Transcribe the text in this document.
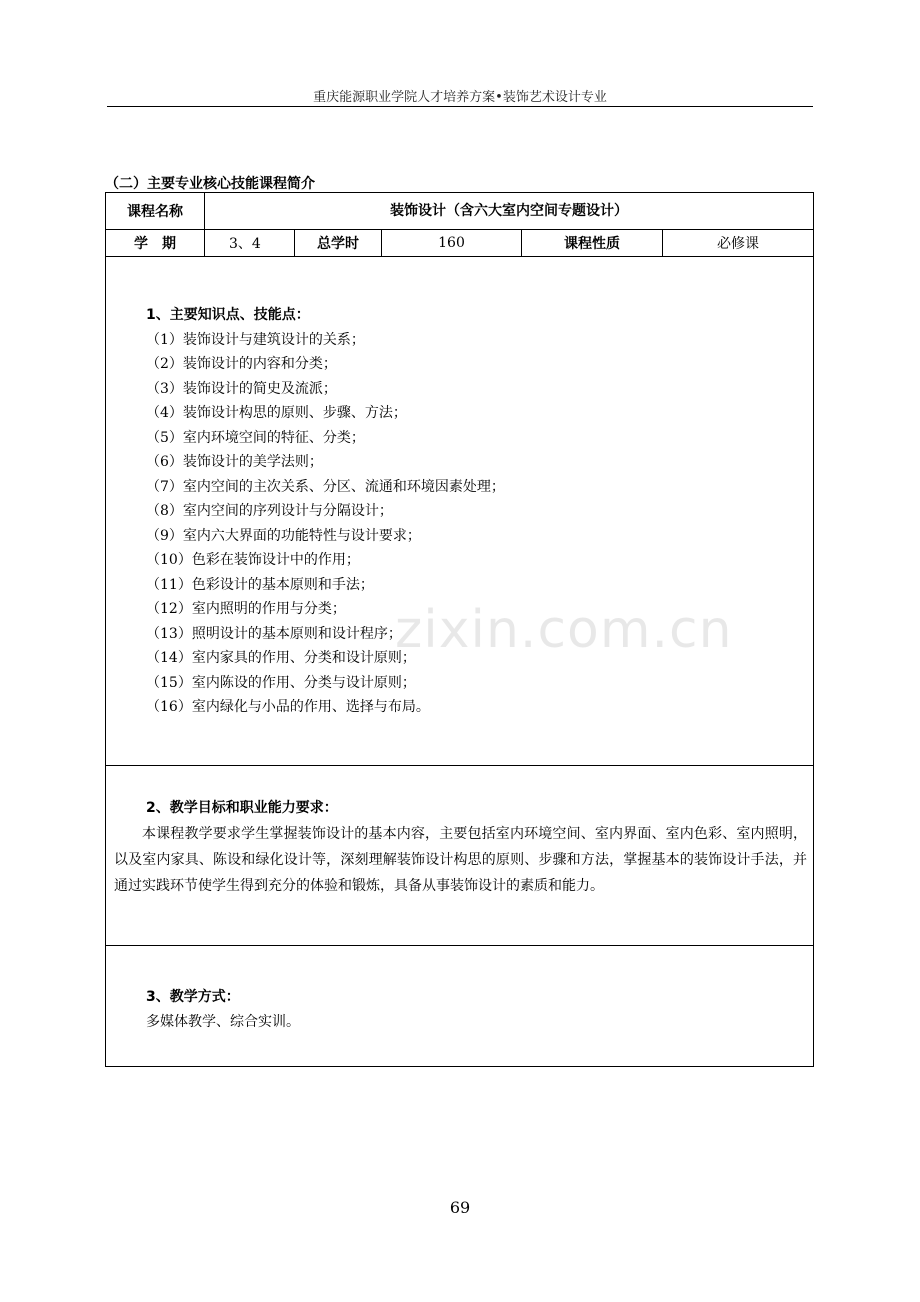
重庆能源职业学院人才培养方案•装饰艺术设计专业
（二）主要专业核心技能课程简介
课程名称	装饰设计（含六大室内空间专题设计）
学　期	3、4	总学时	160	课程性质	必修课
1、主要知识点、技能点：
（1）装饰设计与建筑设计的关系；
（2）装饰设计的内容和分类；
（3）装饰设计的简史及流派；
（4）装饰设计构思的原则、步骤、方法；
（5）室内环境空间的特征、分类；
（6）装饰设计的美学法则；
（7）室内空间的主次关系、分区、流通和环境因素处理；
（8）室内空间的序列设计与分隔设计；
（9）室内六大界面的功能特性与设计要求；
（10）色彩在装饰设计中的作用；
（11）色彩设计的基本原则和手法；
（12）室内照明的作用与分类；
（13）照明设计的基本原则和设计程序；
（14）室内家具的作用、分类和设计原则；
（15）室内陈设的作用、分类与设计原则；
（16）室内绿化与小品的作用、选择与布局。
2、教学目标和职业能力要求：
本课程教学要求学生掌握装饰设计的基本内容，主要包括室内环境空间、室内界面、室内色彩、室内照明，以及室内家具、陈设和绿化设计等，深刻理解装饰设计构思的原则、步骤和方法，掌握基本的装饰设计手法，并通过实践环节使学生得到充分的体验和锻炼，具备从事装饰设计的素质和能力。
3、教学方式：
多媒体教学、综合实训。
zixin.com.cn
69
